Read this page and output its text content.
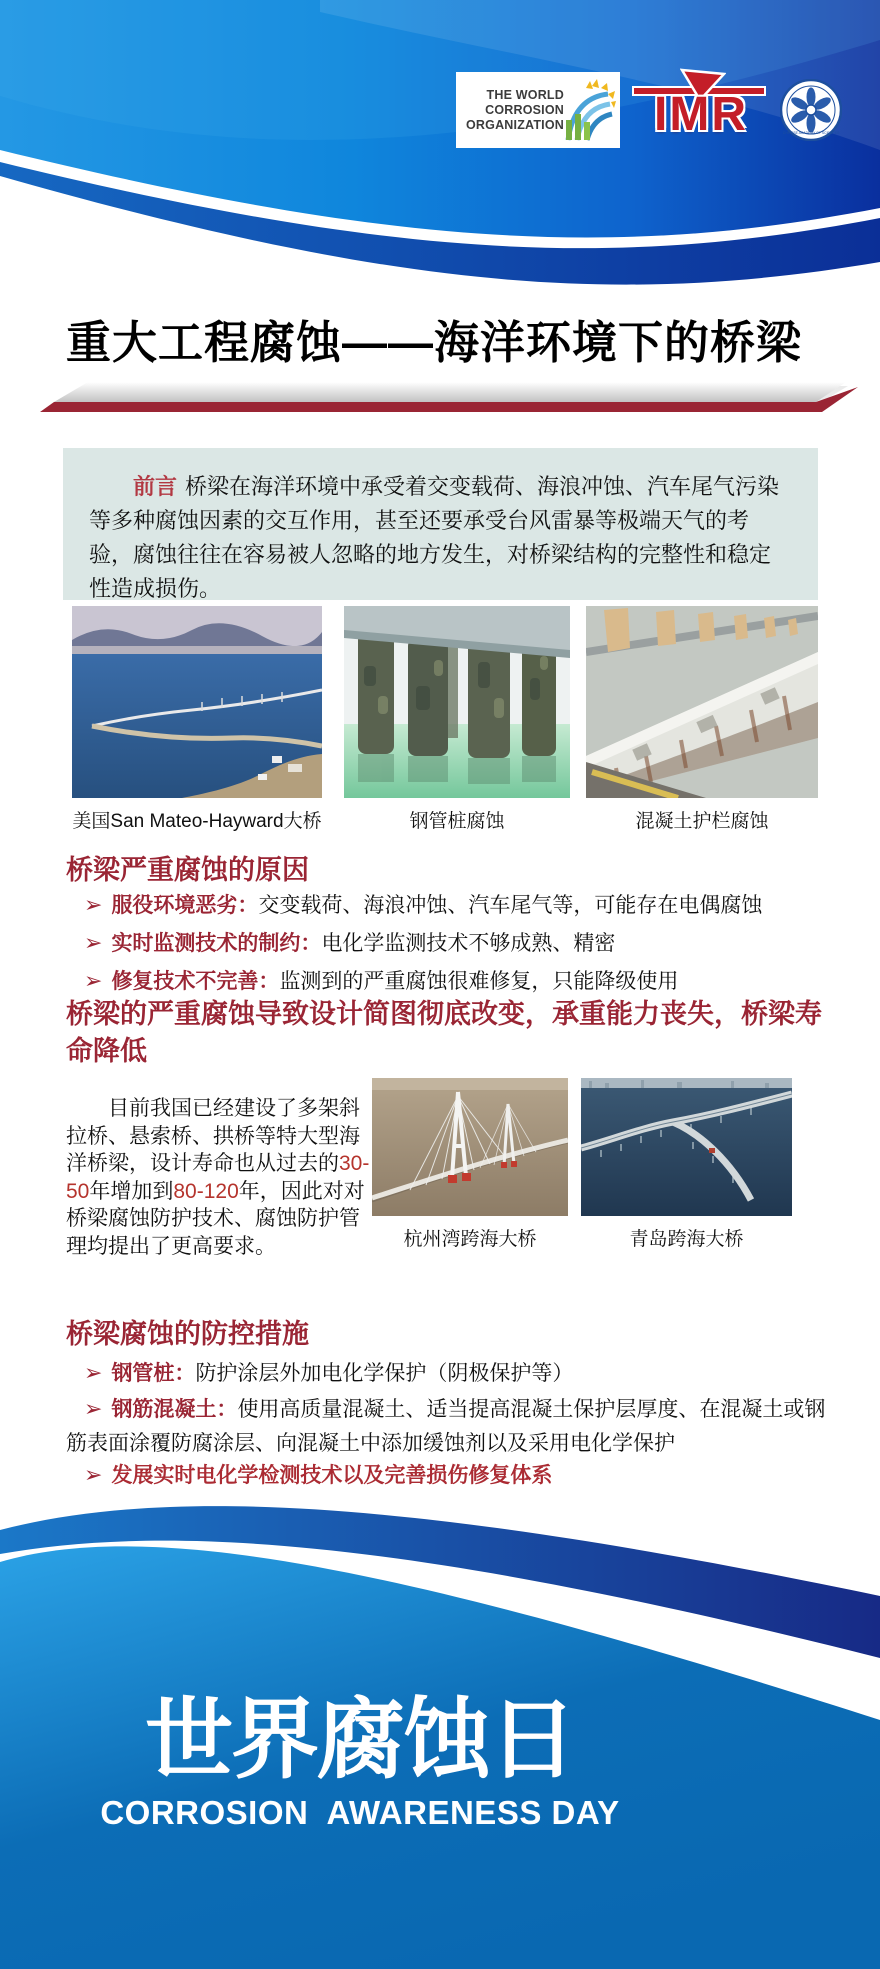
THE WORLD
CORROSION
ORGANIZATION	IMR	CHINESE ACADEMY OF SCIENCES
重大工程腐蚀——海洋环境下的桥梁

前言 桥梁在海洋环境中承受着交变载荷、海浪冲蚀、汽车尾气污染等多种腐蚀因素的交互作用，甚至还要承受台风雷暴等极端天气的考验，腐蚀往往在容易被人忽略的地方发生，对桥梁结构的完整性和稳定性造成损伤。

美国San Mateo-Hayward大桥	钢管桩腐蚀	混凝土护栏腐蚀
桥梁严重腐蚀的原因
➢ 服役环境恶劣：交变载荷、海浪冲蚀、汽车尾气等，可能存在电偶腐蚀
➢ 实时监测技术的制约：电化学监测技术不够成熟、精密
➢ 修复技术不完善：监测到的严重腐蚀很难修复，只能降级使用
桥梁的严重腐蚀导致设计简图彻底改变，承重能力丧失，桥梁寿命降低

目前我国已经建设了多架斜拉桥、悬索桥、拱桥等特大型海洋桥梁，设计寿命也从过去的30-50年增加到80-120年，因此对对桥梁腐蚀防护技术、腐蚀防护管理均提出了更高要求。	杭州湾跨海大桥	青岛跨海大桥
桥梁腐蚀的防控措施
➢ 钢管桩：防护涂层外加电化学保护（阴极保护等）
➢ 钢筋混凝土：使用高质量混凝土、适当提高混凝土保护层厚度、在混凝土或钢筋表面涂覆防腐涂层、向混凝土中添加缓蚀剂以及采用电化学保护
➢ 发展实时电化学检测技术以及完善损伤修复体系
世界腐蚀日
CORROSION  AWARENESS DAY
